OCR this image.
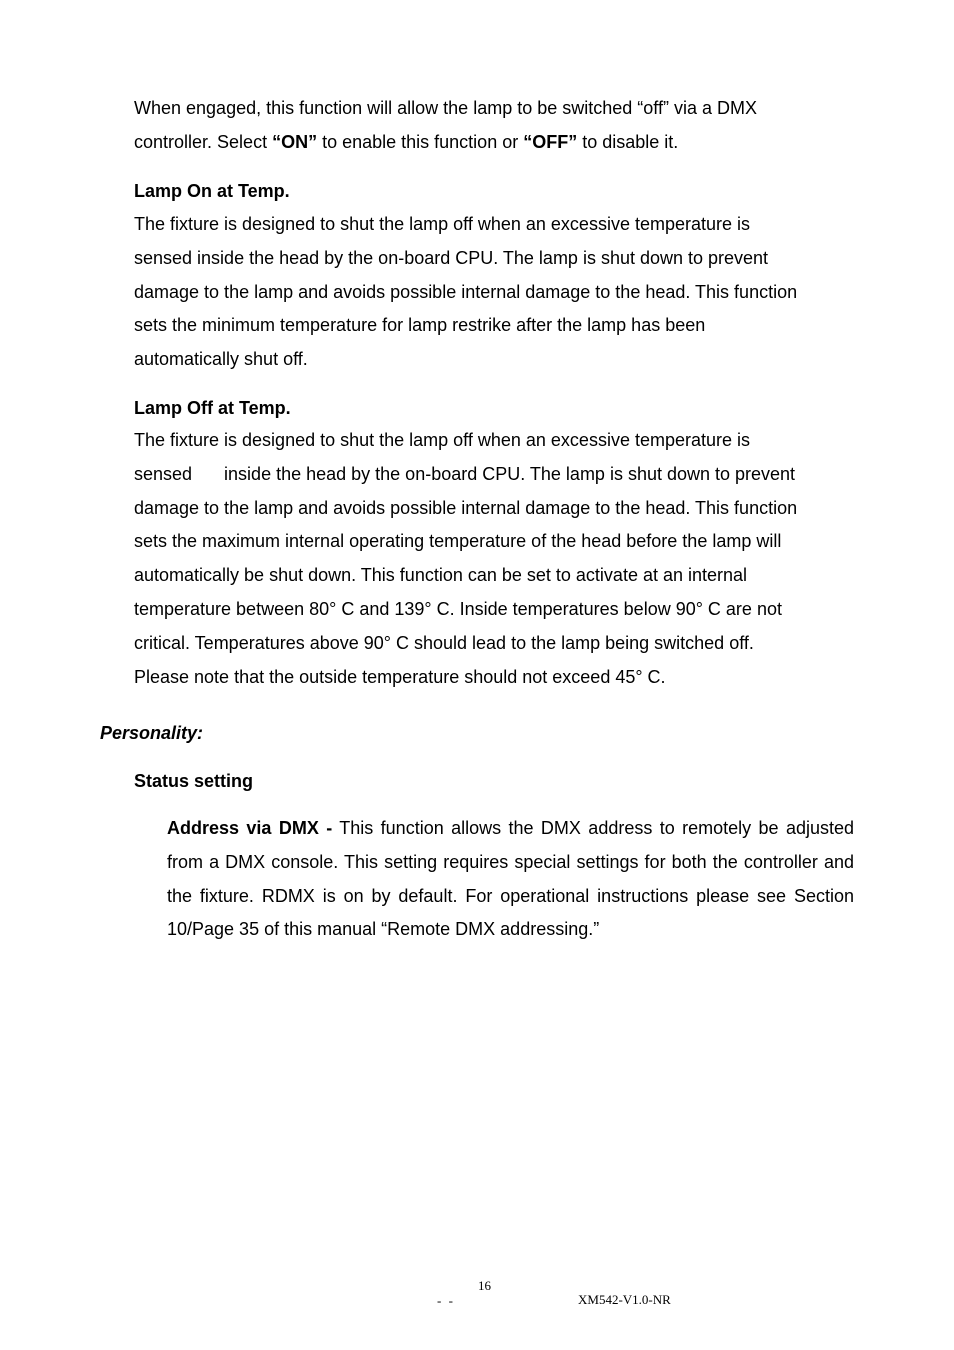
When engaged, this function will allow the lamp to be switched “off” via a DMX
controller. Select “ON” to enable this function or “OFF” to disable it.
Lamp On at Temp.
The fixture is designed to shut the lamp off when an excessive temperature is
sensed inside the head by the on-board CPU. The lamp is shut down to prevent
damage to the lamp and avoids possible internal damage to the head. This function
sets the minimum temperature for lamp restrike after the lamp has been
automatically shut off.
Lamp Off at Temp.
The fixture is designed to shut the lamp off when an excessive temperature is
sensed inside the head by the on-board CPU. The lamp is shut down to prevent
damage to the lamp and avoids possible internal damage to the head. This function
sets the maximum internal operating temperature of the head before the lamp will
automatically be shut down. This function can be set to activate at an internal
temperature between 80° C and 139° C. Inside temperatures below 90° C are not
critical. Temperatures above 90° C should lead to the lamp being switched off.
Please note that the outside temperature should not exceed 45° C.
Personality:
Status setting
Address via DMX - This function allows the DMX address to remotely be adjusted from a DMX console. This setting requires special settings for both the controller and the fixture. RDMX is on by default. For operational instructions please see Section 10/Page 35 of this manual “Remote DMX addressing.”
16
- -	XM542-V1.0-NR
